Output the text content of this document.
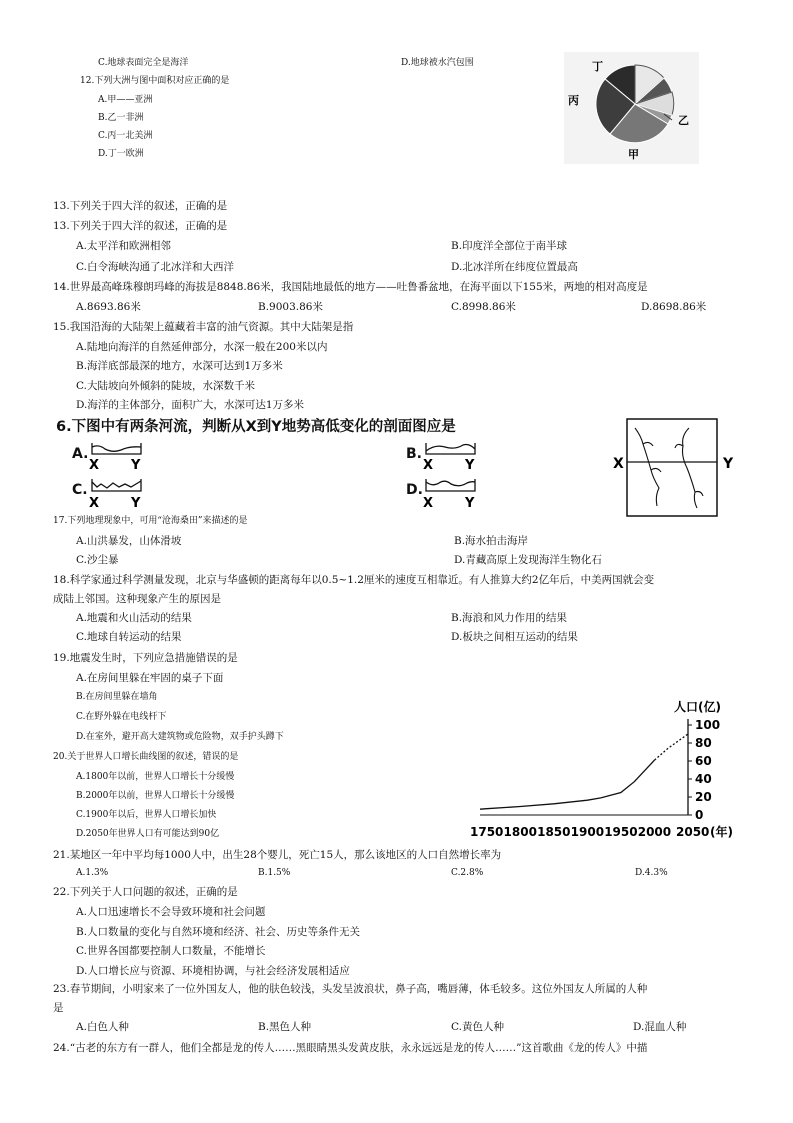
C.地球表面完全是海洋	D.地球被水汽包围
12.下列大洲与图中面积对应正确的是
A.甲——亚洲
B.乙一非洲
C.丙一北美洲
D.丁一欧洲
丁
丙
乙
甲
13.下列关于四大洋的叙述，正确的是
13.下列关于四大洋的叙述，正确的是
A.太平洋和欧洲相邻	B.印度洋全部位于南半球
C.白令海峡沟通了北冰洋和大西洋	D.北冰洋所在纬度位置最高
14.世界最高峰珠穆朗玛峰的海拔是8848.86米，我国陆地最低的地方——吐鲁番盆地，在海平面以下155米，两地的相对高度是
A.8693.86米	B.9003.86米	C.8998.86米	D.8698.86米
15.我国沿海的大陆架上蕴藏着丰富的油气资源。其中大陆架是指
A.陆地向海洋的自然延伸部分，水深一般在200米以内
B.海洋底部最深的地方，水深可达到1万多米
C.大陆坡向外倾斜的陡坡，水深数千米
D.海洋的主体部分，面积广大，水深可达1万多米
6.下图中有两条河流，判断从X到Y地势高低变化的剖面图应是
A.
X Y
B.
X Y
C.
X Y
D.
X Y
X	Y
17.下列地理现象中，可用“沧海桑田”来描述的是
A.山洪暴发，山体滑坡	B.海水拍击海岸
C.沙尘暴	D.青藏高原上发现海洋生物化石
18.科学家通过科学测量发现，北京与华盛顿的距离每年以0.5~1.2厘米的速度互相靠近。有人推算大约2亿年后，中美两国就会变
成陆上邻国。这种现象产生的原因是
A.地震和火山活动的结果	B.海浪和风力作用的结果
C.地球自转运动的结果	D.板块之间相互运动的结果
19.地震发生时，下列应急措施错误的是
A.在房间里躲在牢固的桌子下面
B.在房间里躲在墙角
C.在野外躲在电线杆下
D.在室外，避开高大建筑物或危险物，双手护头蹲下
20.关于世界人口增长曲线图的叙述，错误的是
A.1800年以前，世界人口增长十分缓慢
B.2000年以前，世界人口增长十分缓慢
C.1900年以后，世界人口增长加快
D.2050年世界人口有可能达到90亿
0
20
40
60
80
100
人口(亿)
1750 1800 1850 1900 1950 2000 2050 (年)
21.某地区一年中平均每1000人中，出生28个婴儿，死亡15人，那么该地区的人口自然增长率为
A.1.3%	B.1.5%	C.2.8%	D.4.3%
22.下列关于人口问题的叙述，正确的是
A.人口迅速增长不会导致环境和社会问题
B.人口数量的变化与自然环境和经济、社会、历史等条件无关
C.世界各国都要控制人口数量，不能增长
D.人口增长应与资源、环境相协调，与社会经济发展相适应
23.春节期间，小明家来了一位外国友人，他的肤色较浅，头发呈波浪状，鼻子高，嘴唇薄，体毛较多。这位外国友人所属的人种
是
A.白色人种	B.黑色人种	C.黄色人种	D.混血人种
24.“古老的东方有一群人，他们全都是龙的传人……黑眼睛黑头发黄皮肤，永永远远是龙的传人……”这首歌曲《龙的传人》中描
